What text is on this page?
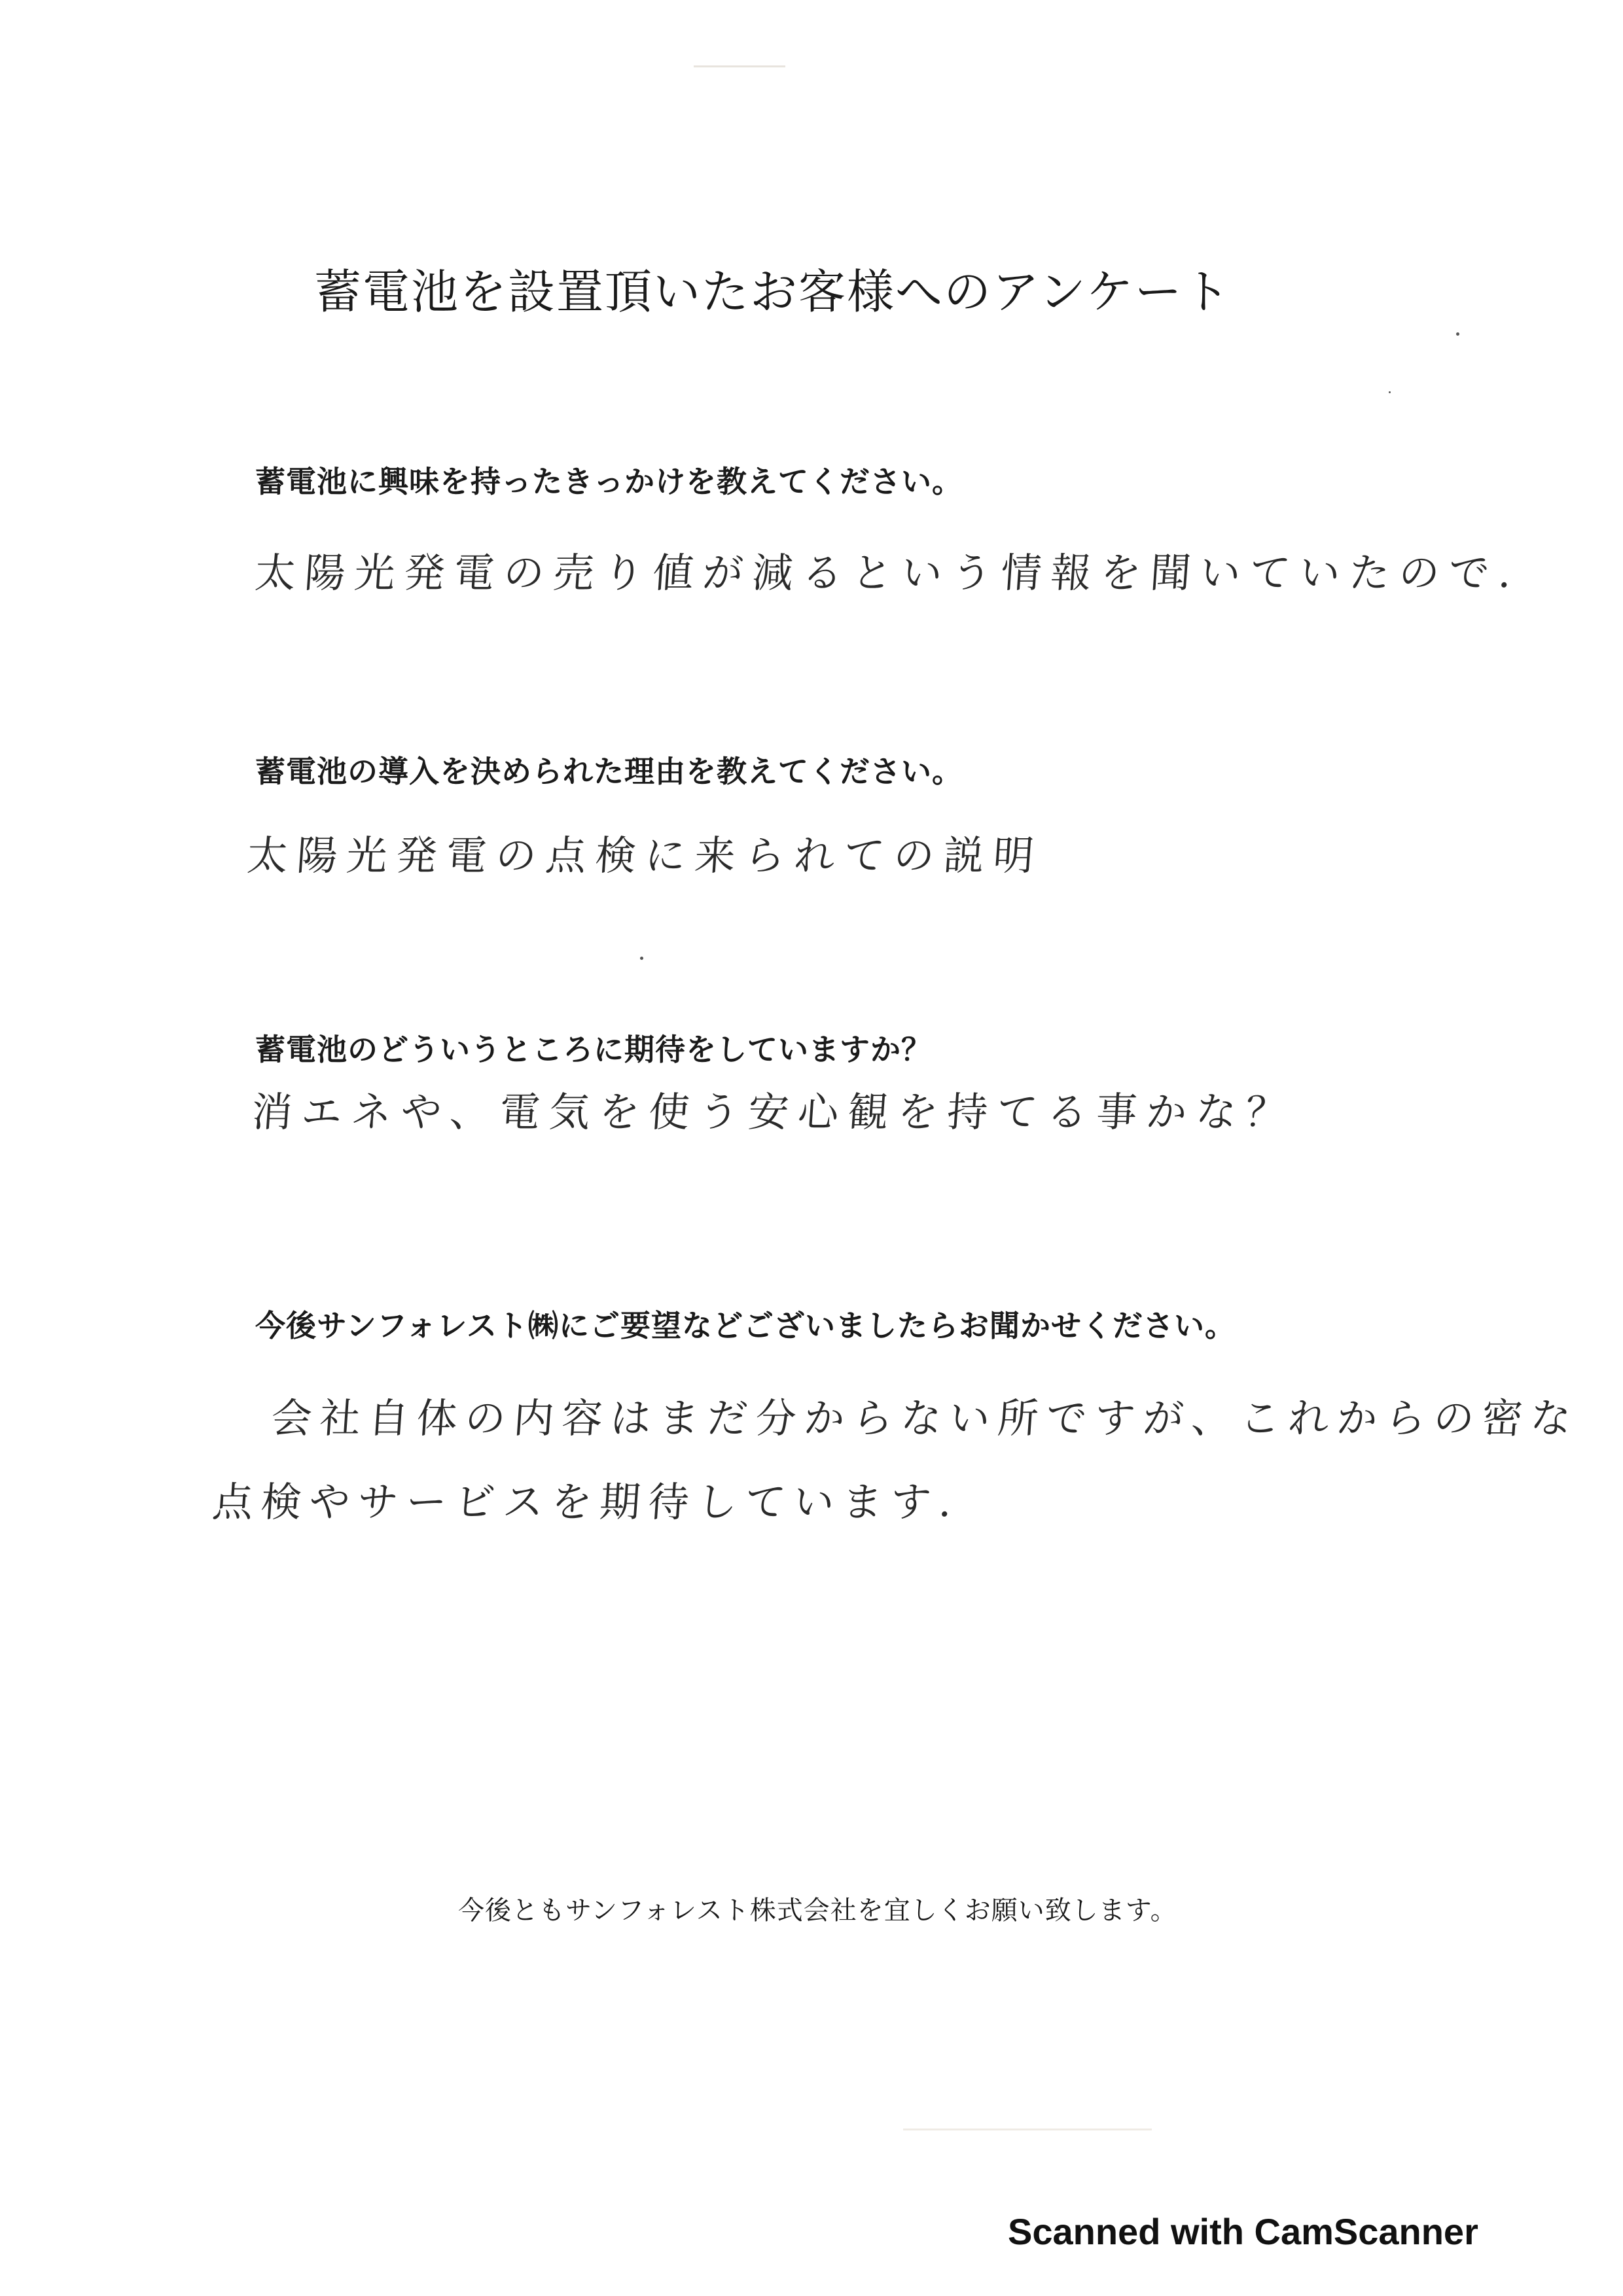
蓄電池を設置頂いたお客様へのアンケート
蓄電池に興味を持ったきっかけを教えてください。
太陽光発電の売り値が減るという情報を聞いていたので.
蓄電池の導入を決められた理由を教えてください。
太陽光発電の点検に来られての説明
蓄電池のどういうところに期待をしていますか？
消エネや、電気を使う安心観を持てる事かな？
今後サンフォレスト㈱にご要望などございましたらお聞かせください。
会社自体の内容はまだ分からない所ですが、これからの密な
点検やサービスを期待しています.
今後ともサンフォレスト株式会社を宜しくお願い致します。
Scanned with CamScanner
